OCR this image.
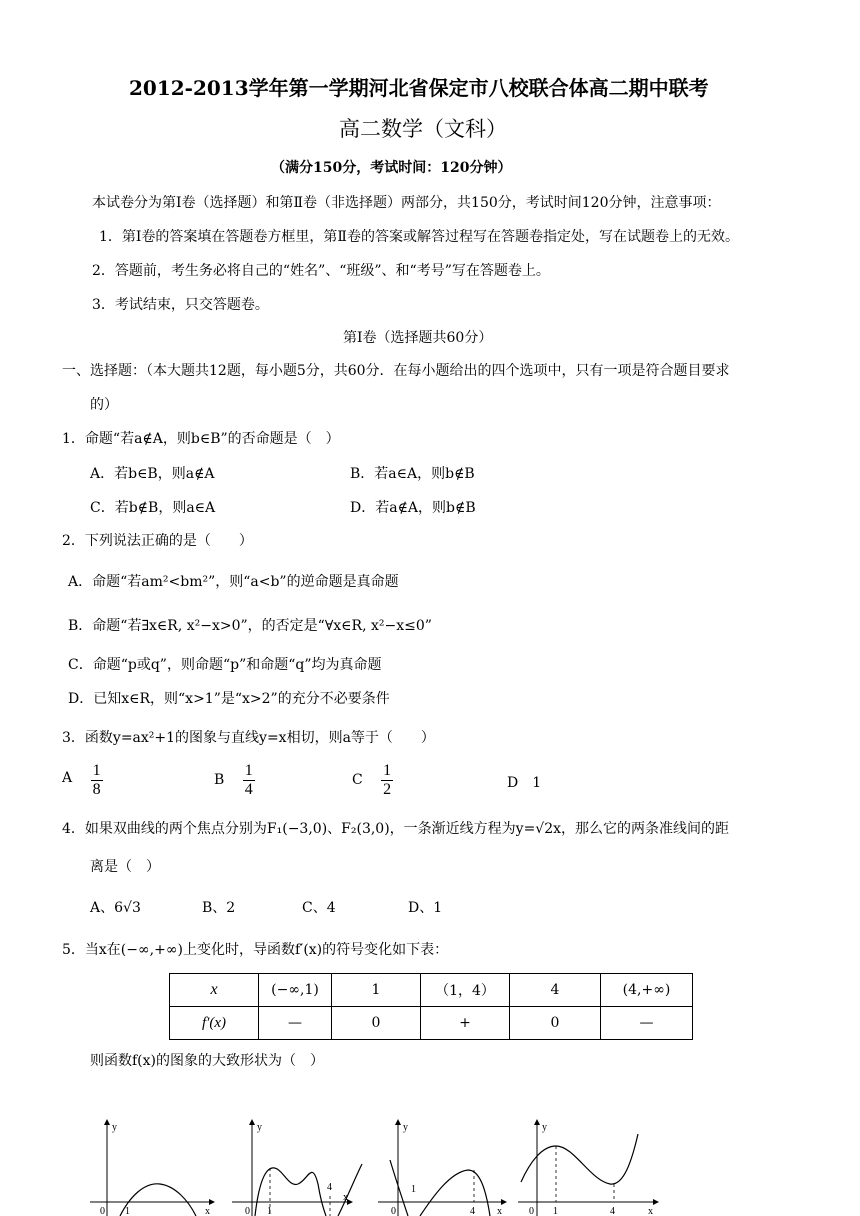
2012-2013学年第一学期河北省保定市八校联合体高二期中联考
高二数学（文科）
（满分150分，考试时间：120分钟）
本试卷分为第Ⅰ卷（选择题）和第Ⅱ卷（非选择题）两部分，共150分，考试时间120分钟，注意事项：
1．第Ⅰ卷的答案填在答题卷方框里，第Ⅱ卷的答案或解答过程写在答题卷指定处，写在试题卷上的无效。
2．答题前，考生务必将自己的“姓名”、“班级”、和“考号”写在答题卷上。
3．考试结束，只交答题卷。
第Ⅰ卷（选择题共60分）
一、选择题：（本大题共12题，每小题5分，共60分．在每小题给出的四个选项中，只有一项是符合题目要求
的）
1．命题“若a∉A，则b∈B”的否命题是（　）
A．若b∈B，则a∉A	B．若a∈A，则b∉B
C．若b∉B，则a∈A	D．若a∉A，则b∉B
2．下列说法正确的是（　　）
A．命题“若am²<bm²”，则“a<b”的逆命题是真命题
B．命题“若∃x∈R, x²−x>0”，的否定是“∀x∈R, x²−x≤0”
C．命题“p或q”，则命题“p”和命题“q”均为真命题
D．已知x∈R，则“x>1”是“x>2”的充分不必要条件
3．函数y=ax²+1的图象与直线y=x相切，则a等于（　　）
A $\frac{1}{8}$	B $\frac{1}{4}$	C $\frac{1}{2}$	D　1
4．如果双曲线的两个焦点分别为F₁(−3,0)、F₂(3,0)，一条渐近线方程为y=√2x，那么它的两条准线间的距
离是（　）
A、6√3	B、2	C、4	D、1
5．当x在(−∞,+∞)上变化时，导函数f′(x)的符号变化如下表：
x	(−∞,1)	1	（1，4）	4	(4,+∞)
f′(x)	—	0	+	0	—
则函数f(x)的图象的大致形状为（　）
y
x
0 1
y
x
0 1
4
y
x
0
1
4
y
x
0 1	4
